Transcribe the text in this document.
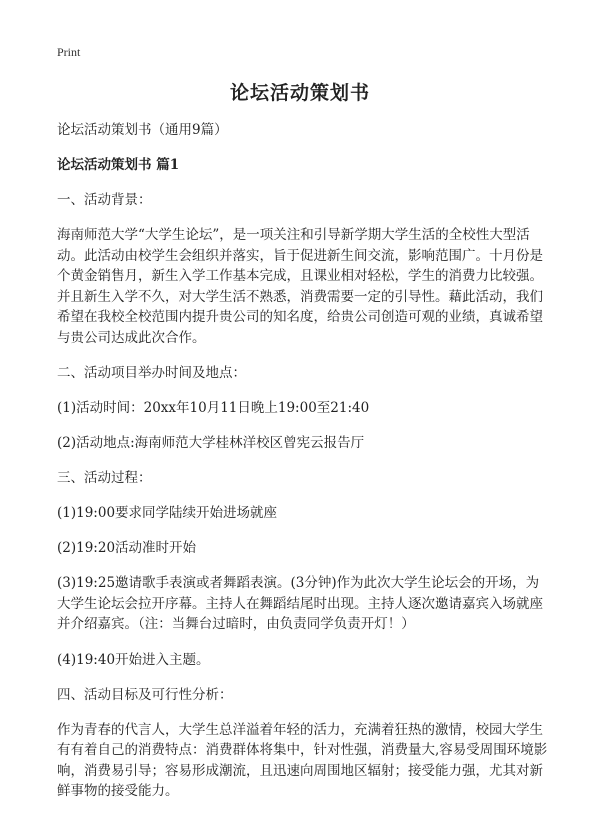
Print
论坛活动策划书

论坛活动策划书（通用9篇）

论坛活动策划书 篇1

一、活动背景：

海南师范大学“大学生论坛”，是一项关注和引导新学期大学生活的全校性大型活动。此活动由校学生会组织并落实，旨于促进新生间交流，影响范围广。十月份是个黄金销售月，新生入学工作基本完成，且课业相对轻松，学生的消费力比较强。并且新生入学不久，对大学生活不熟悉，消费需要一定的引导性。藉此活动，我们希望在我校全校范围内提升贵公司的知名度，给贵公司创造可观的业绩，真诚希望与贵公司达成此次合作。

二、活动项目举办时间及地点：

(1)活动时间：20xx年10月11日晚上19:00至21:40

(2)活动地点:海南师范大学桂林洋校区曾宪云报告厅

三、活动过程：

(1)19:00要求同学陆续开始进场就座

(2)19:20活动准时开始

(3)19:25邀请歌手表演或者舞蹈表演。(3分钟)作为此次大学生论坛会的开场，为大学生论坛会拉开序幕。主持人在舞蹈结尾时出现。主持人逐次邀请嘉宾入场就座并介绍嘉宾。（注：当舞台过暗时，由负责同学负责开灯！）

(4)19:40开始进入主题。

四、活动目标及可行性分析：

作为青春的代言人，大学生总洋溢着年轻的活力，充满着狂热的激情，校园大学生有有着自己的消费特点：消费群体将集中，针对性强，消费量大,容易受周围环境影响，消费易引导；容易形成潮流，且迅速向周围地区辐射；接受能力强，尤其对新鲜事物的接受能力。
